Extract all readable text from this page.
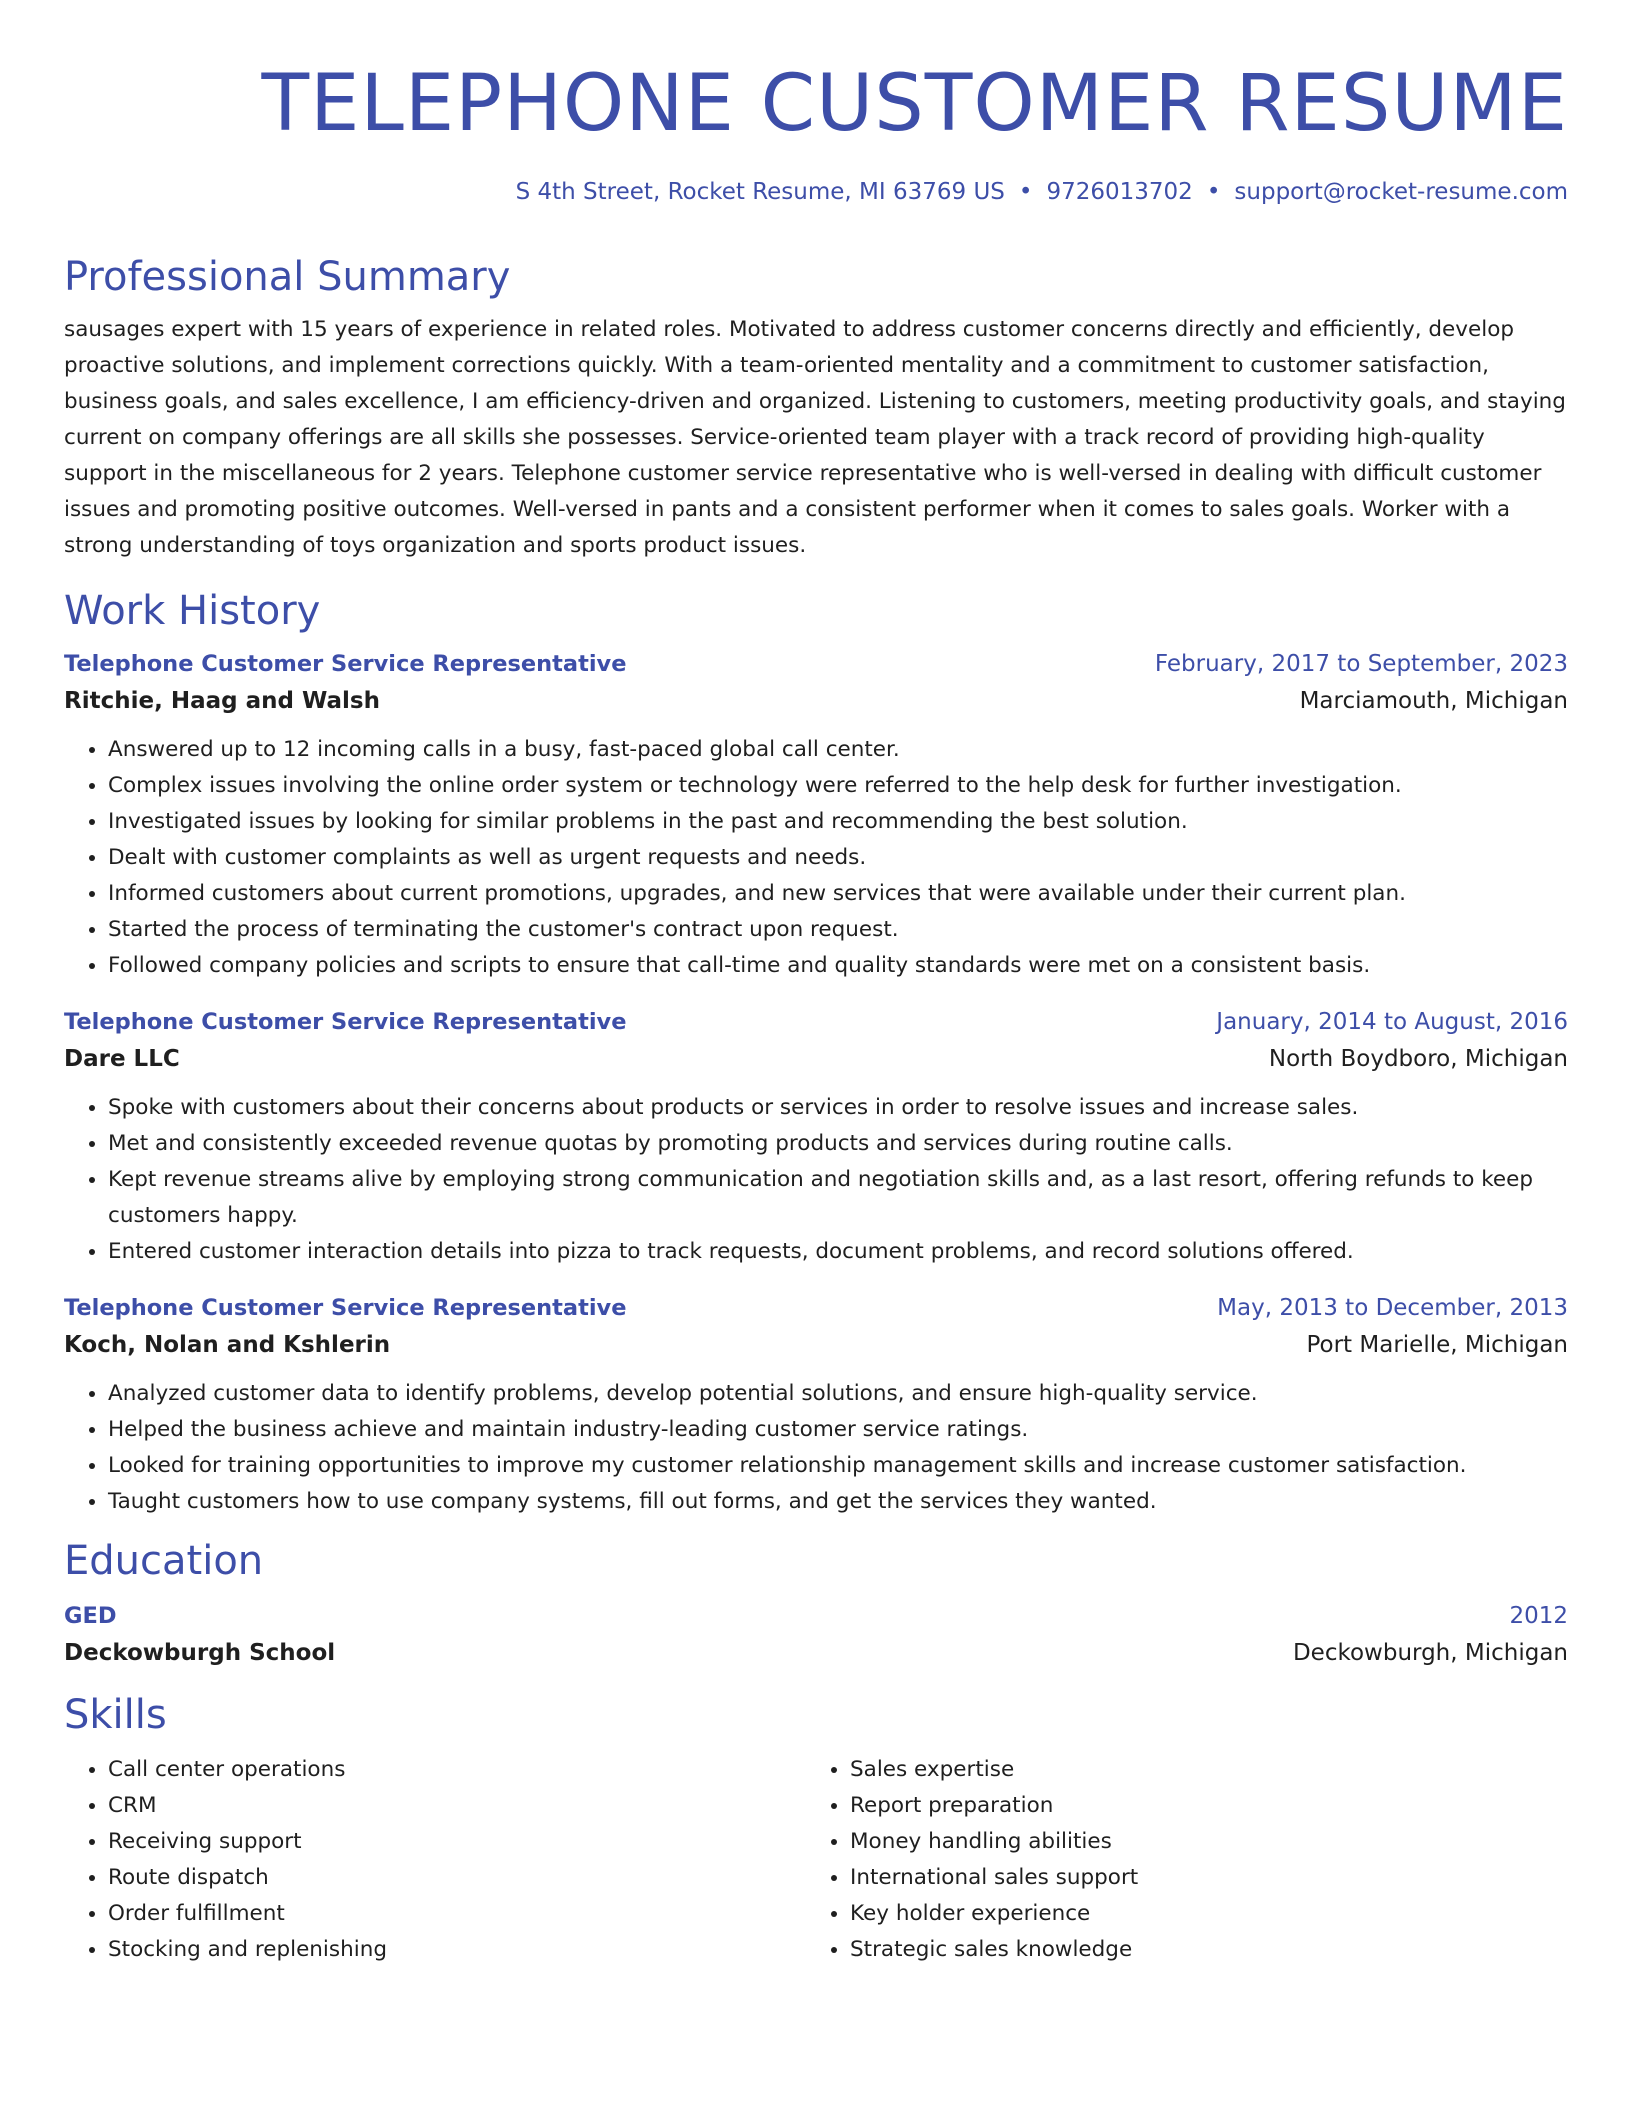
TELEPHONE CUSTOMER RESUME
S 4th Street, Rocket Resume, MI 63769 US • 9726013702 • support@rocket-resume.com
Professional Summary

sausages expert with 15 years of experience in related roles. Motivated to address customer concerns directly and efficiently, develop proactive solutions, and implement corrections quickly. With a team-oriented mentality and a commitment to customer satisfaction, business goals, and sales excellence, I am efficiency-driven and organized. Listening to customers, meeting productivity goals, and staying current on company offerings are all skills she possesses. Service-oriented team player with a track record of providing high-quality support in the miscellaneous for 2 years. Telephone customer service representative who is well-versed in dealing with difficult customer issues and promoting positive outcomes. Well-versed in pants and a consistent performer when it comes to sales goals. Worker with a strong understanding of toys organization and sports product issues.

Work History
Telephone Customer Service Representative	February, 2017 to September, 2023
Ritchie, Haag and Walsh	Marciamouth, Michigan
• Answered up to 12 incoming calls in a busy, fast-paced global call center.
• Complex issues involving the online order system or technology were referred to the help desk for further investigation.
• Investigated issues by looking for similar problems in the past and recommending the best solution.
• Dealt with customer complaints as well as urgent requests and needs.
• Informed customers about current promotions, upgrades, and new services that were available under their current plan.
• Started the process of terminating the customer's contract upon request.
• Followed company policies and scripts to ensure that call-time and quality standards were met on a consistent basis.
Telephone Customer Service Representative	January, 2014 to August, 2016
Dare LLC	North Boydboro, Michigan
• Spoke with customers about their concerns about products or services in order to resolve issues and increase sales.
• Met and consistently exceeded revenue quotas by promoting products and services during routine calls.
• Kept revenue streams alive by employing strong communication and negotiation skills and, as a last resort, offering refunds to keep customers happy.
• Entered customer interaction details into pizza to track requests, document problems, and record solutions offered.
Telephone Customer Service Representative	May, 2013 to December, 2013
Koch, Nolan and Kshlerin	Port Marielle, Michigan
• Analyzed customer data to identify problems, develop potential solutions, and ensure high-quality service.
• Helped the business achieve and maintain industry-leading customer service ratings.
• Looked for training opportunities to improve my customer relationship management skills and increase customer satisfaction.
• Taught customers how to use company systems, fill out forms, and get the services they wanted.
Education
GED	2012
Deckowburgh School	Deckowburgh, Michigan
Skills
• Call center operations
• CRM
• Receiving support
• Route dispatch
• Order fulfillment
• Stocking and replenishing
• Sales expertise
• Report preparation
• Money handling abilities
• International sales support
• Key holder experience
• Strategic sales knowledge
